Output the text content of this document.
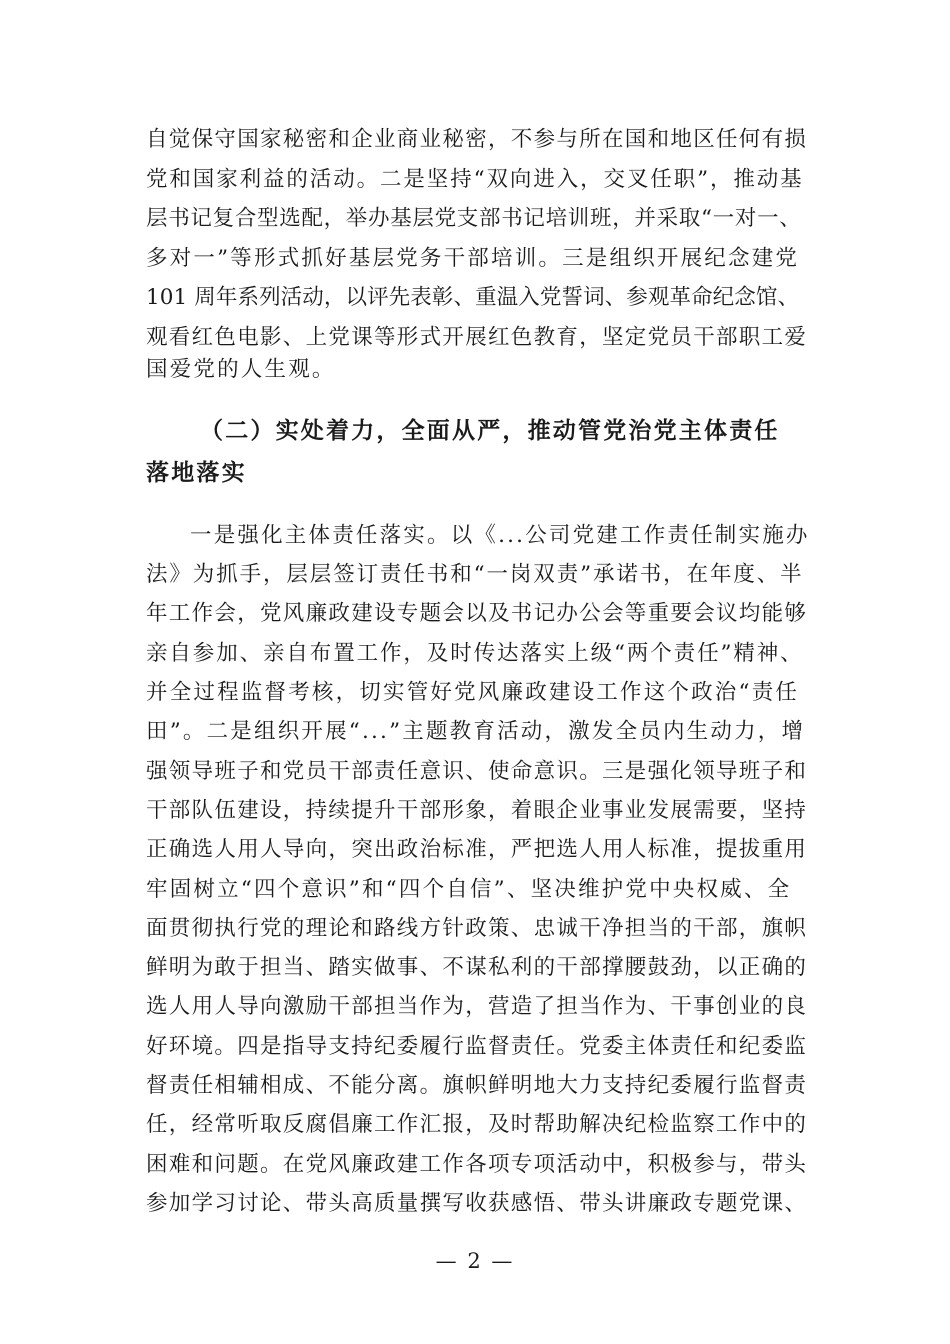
自觉保守国家秘密和企业商业秘密，不参与所在国和地区任何有损
党和国家利益的活动。二是坚持“双向进入，交叉任职”，推动基
层书记复合型选配，举办基层党支部书记培训班，并采取“一对一、
多对一”等形式抓好基层党务干部培训。三是组织开展纪念建党
101 周年系列活动，以评先表彰、重温入党誓词、参观革命纪念馆、
观看红色电影、上党课等形式开展红色教育，坚定党员干部职工爱
国爱党的人生观。
（二）实处着力，全面从严，推动管党治党主体责任
落地落实
一是强化主体责任落实。以《...公司党建工作责任制实施办
法》为抓手，层层签订责任书和“一岗双责”承诺书，在年度、半
年工作会，党风廉政建设专题会以及书记办公会等重要会议均能够
亲自参加、亲自布置工作，及时传达落实上级“两个责任”精神、
并全过程监督考核，切实管好党风廉政建设工作这个政治“责任
田”。二是组织开展“...”主题教育活动，激发全员内生动力，增
强领导班子和党员干部责任意识、使命意识。三是强化领导班子和
干部队伍建设，持续提升干部形象，着眼企业事业发展需要，坚持
正确选人用人导向，突出政治标准，严把选人用人标准，提拔重用
牢固树立“四个意识”和“四个自信”、坚决维护党中央权威、全
面贯彻执行党的理论和路线方针政策、忠诚干净担当的干部，旗帜
鲜明为敢于担当、踏实做事、不谋私利的干部撑腰鼓劲，以正确的
选人用人导向激励干部担当作为，营造了担当作为、干事创业的良
好环境。四是指导支持纪委履行监督责任。党委主体责任和纪委监
督责任相辅相成、不能分离。旗帜鲜明地大力支持纪委履行监督责
任，经常听取反腐倡廉工作汇报，及时帮助解决纪检监察工作中的
困难和问题。在党风廉政建工作各项专项活动中，积极参与，带头
参加学习讨论、带头高质量撰写收获感悟、带头讲廉政专题党课、
— 2 —
